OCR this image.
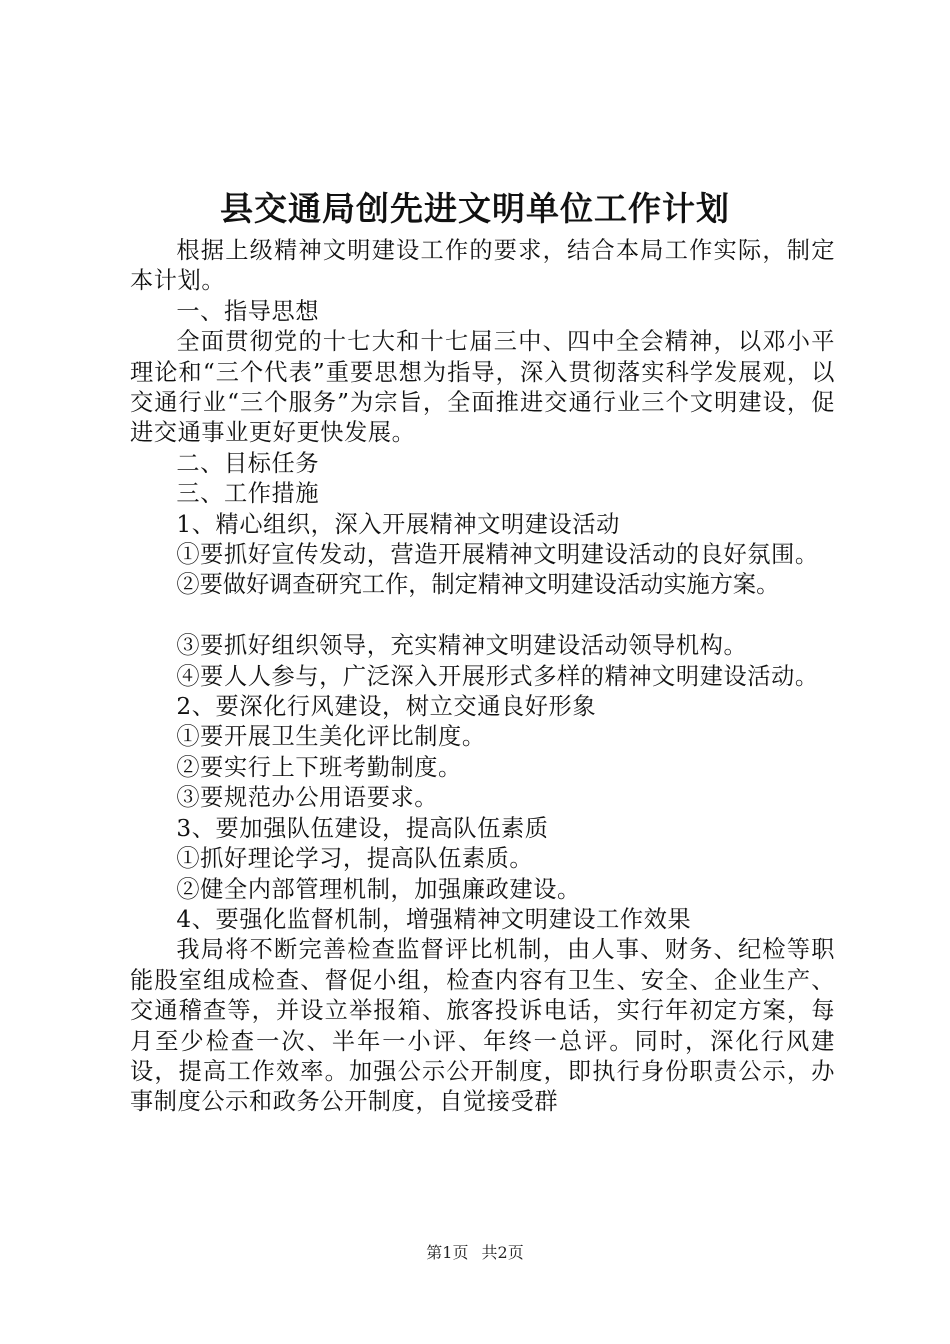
县交通局创先进文明单位工作计划

根据上级精神文明建设工作的要求，结合本局工作实际，制定本计划。

一、指导思想

全面贯彻党的十七大和十七届三中、四中全会精神，以邓小平理论和“三个代表”重要思想为指导，深入贯彻落实科学发展观，以交通行业“三个服务”为宗旨，全面推进交通行业三个文明建设，促进交通事业更好更快发展。

二、目标任务

三、工作措施

1、精心组织，深入开展精神文明建设活动

①要抓好宣传发动，营造开展精神文明建设活动的良好氛围。

②要做好调查研究工作，制定精神文明建设活动实施方案。

③要抓好组织领导，充实精神文明建设活动领导机构。

④要人人参与，广泛深入开展形式多样的精神文明建设活动。

2、要深化行风建设，树立交通良好形象

①要开展卫生美化评比制度。

②要实行上下班考勤制度。

③要规范办公用语要求。

3、要加强队伍建设，提高队伍素质

①抓好理论学习，提高队伍素质。

②健全内部管理机制，加强廉政建设。

4、要强化监督机制，增强精神文明建设工作效果

我局将不断完善检查监督评比机制，由人事、财务、纪检等职能股室组成检查、督促小组，检查内容有卫生、安全、企业生产、交通稽查等，并设立举报箱、旅客投诉电话，实行年初定方案，每月至少检查一次、半年一小评、年终一总评。同时，深化行风建设，提高工作效率。加强公示公开制度，即执行身份职责公示，办事制度公示和政务公开制度，自觉接受群

第1页 共2页
